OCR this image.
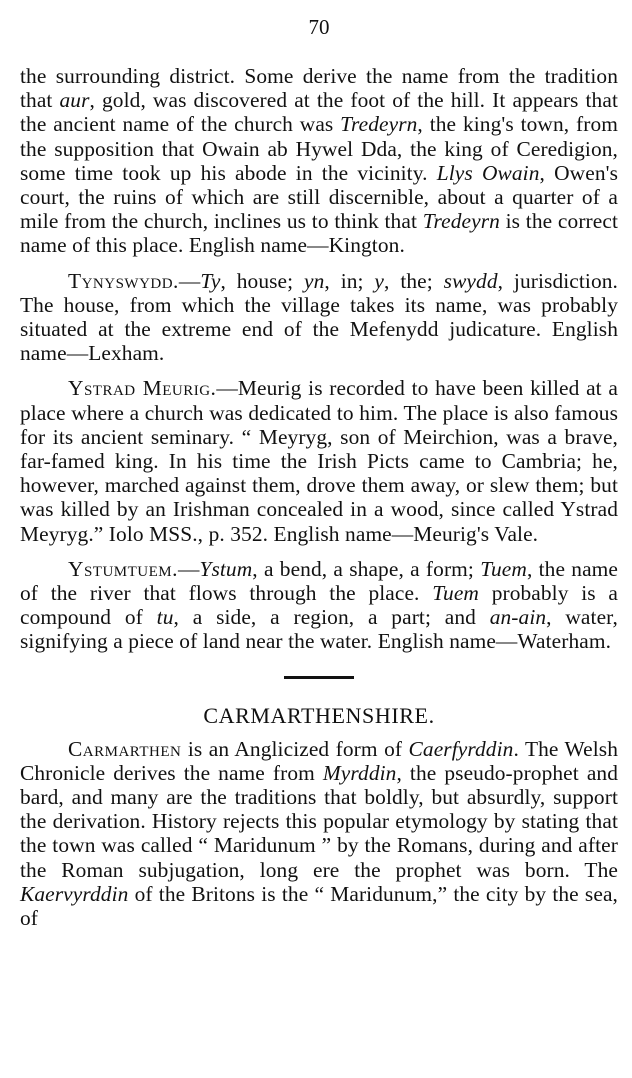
70

the surrounding district. Some derive the name from the tradition that aur, gold, was discovered at the foot of the hill. It appears that the ancient name of the church was Tredeyrn, the king's town, from the supposition that Owain ab Hywel Dda, the king of Ceredigion, some time took up his abode in the vicinity. Llys Owain, Owen's court, the ruins of which are still discernible, about a quarter of a mile from the church, inclines us to think that Tredeyrn is the correct name of this place. English name—Kington.

Tynyswydd.—Ty, house; yn, in; y, the; swydd, jurisdiction. The house, from which the village takes its name, was probably situated at the extreme end of the Mefenydd judicature. English name—Lexham.

Ystrad Meurig.—Meurig is recorded to have been killed at a place where a church was dedicated to him. The place is also famous for its ancient seminary. “ Meyryg, son of Meirchion, was a brave, far-famed king. In his time the Irish Picts came to Cambria; he, however, marched against them, drove them away, or slew them; but was killed by an Irishman concealed in a wood, since called Ystrad Meyryg.” Iolo MSS., p. 352. English name—Meurig's Vale.

Ystumtuem.—Ystum, a bend, a shape, a form; Tuem, the name of the river that flows through the place. Tuem probably is a compound of tu, a side, a region, a part; and an-ain, water, signifying a piece of land near the water. English name—Waterham.

CARMARTHENSHIRE.

Carmarthen is an Anglicized form of Caerfyrddin. The Welsh Chronicle derives the name from Myrddin, the pseudo-prophet and bard, and many are the traditions that boldly, but absurdly, support the derivation. History rejects this popular etymology by stating that the town was called “ Maridunum ” by the Romans, during and after the Roman subjugation, long ere the prophet was born. The Kaervyrddin of the Britons is the “ Maridunum,” the city by the sea, of
